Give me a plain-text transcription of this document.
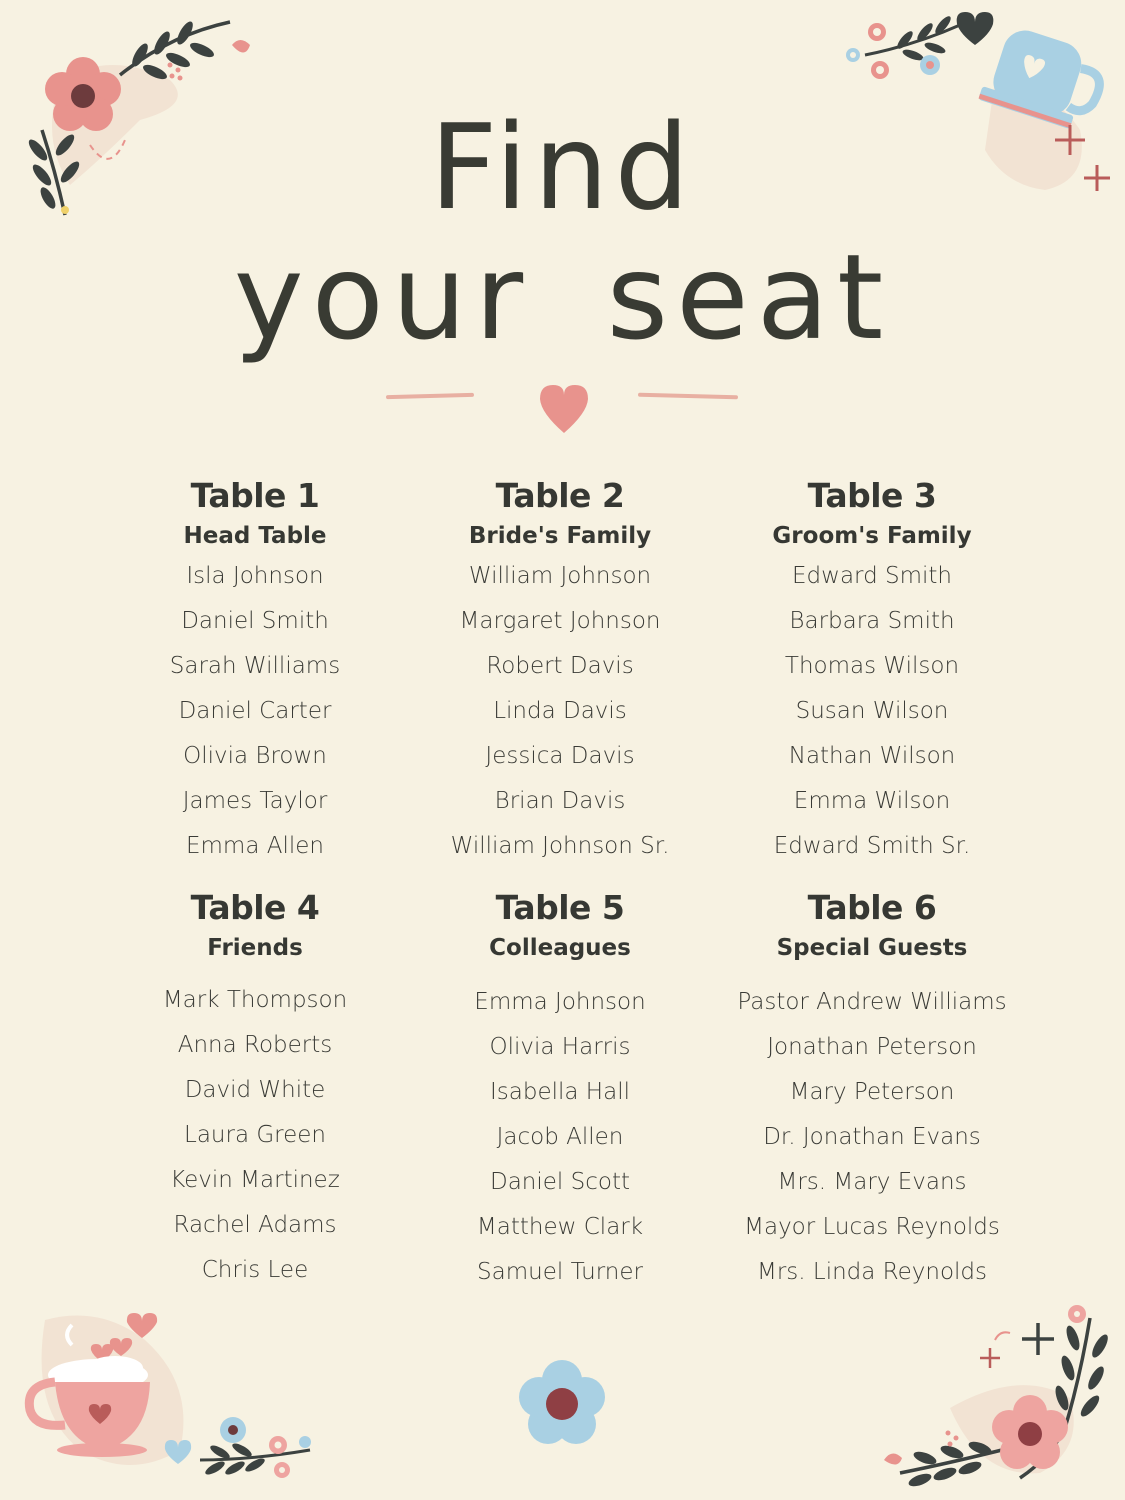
Find
your seat
Table 1
Head Table
Isla Johnson
Daniel Smith
Sarah Williams
Daniel Carter
Olivia Brown
James Taylor
Emma Allen
Table 2
Bride's Family
William Johnson
Margaret Johnson
Robert Davis
Linda Davis
Jessica Davis
Brian Davis
William Johnson Sr.
Table 3
Groom's Family
Edward Smith
Barbara Smith
Thomas Wilson
Susan Wilson
Nathan Wilson
Emma Wilson
Edward Smith Sr.
Table 4
Friends
Mark Thompson
Anna Roberts
David White
Laura Green
Kevin Martinez
Rachel Adams
Chris Lee
Table 5
Colleagues
Emma Johnson
Olivia Harris
Isabella Hall
Jacob Allen
Daniel Scott
Matthew Clark
Samuel Turner
Table 6
Special Guests
Pastor Andrew Williams
Jonathan Peterson
Mary Peterson
Dr. Jonathan Evans
Mrs. Mary Evans
Mayor Lucas Reynolds
Mrs. Linda Reynolds
